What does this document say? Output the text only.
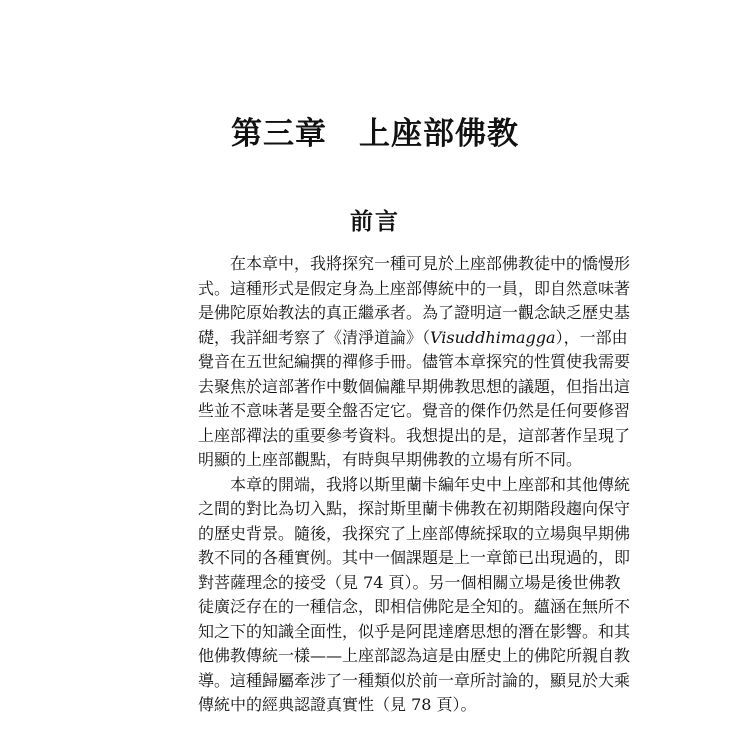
第三章　上座部佛教
前言
在本章中，我將探究一種可見於上座部佛教徒中的憍慢形
式。這種形式是假定身為上座部傳統中的一員，即自然意味著
是佛陀原始教法的真正繼承者。為了證明這一觀念缺乏歷史基
礎，我詳細考察了《清淨道論》（Visuddhimagga），一部由
覺音在五世紀編撰的禪修手冊。儘管本章探究的性質使我需要
去聚焦於這部著作中數個偏離早期佛教思想的議題，但指出這
些並不意味著是要全盤否定它。覺音的傑作仍然是任何要修習
上座部禪法的重要參考資料。我想提出的是，這部著作呈現了
明顯的上座部觀點，有時與早期佛教的立場有所不同。
本章的開端，我將以斯里蘭卡編年史中上座部和其他傳統
之間的對比為切入點，探討斯里蘭卡佛教在初期階段趨向保守
的歷史背景。隨後，我探究了上座部傳統採取的立場與早期佛
教不同的各種實例。其中一個課題是上一章節已出現過的，即
對菩薩理念的接受（見 74 頁）。另一個相關立場是後世佛教
徒廣泛存在的一種信念，即相信佛陀是全知的。蘊涵在無所不
知之下的知識全面性，似乎是阿毘達磨思想的潛在影響。和其
他佛教傳統一樣——上座部認為這是由歷史上的佛陀所親自教
導。這種歸屬牽涉了一種類似於前一章所討論的，顯見於大乘
傳統中的經典認證真實性（見 78 頁）。
